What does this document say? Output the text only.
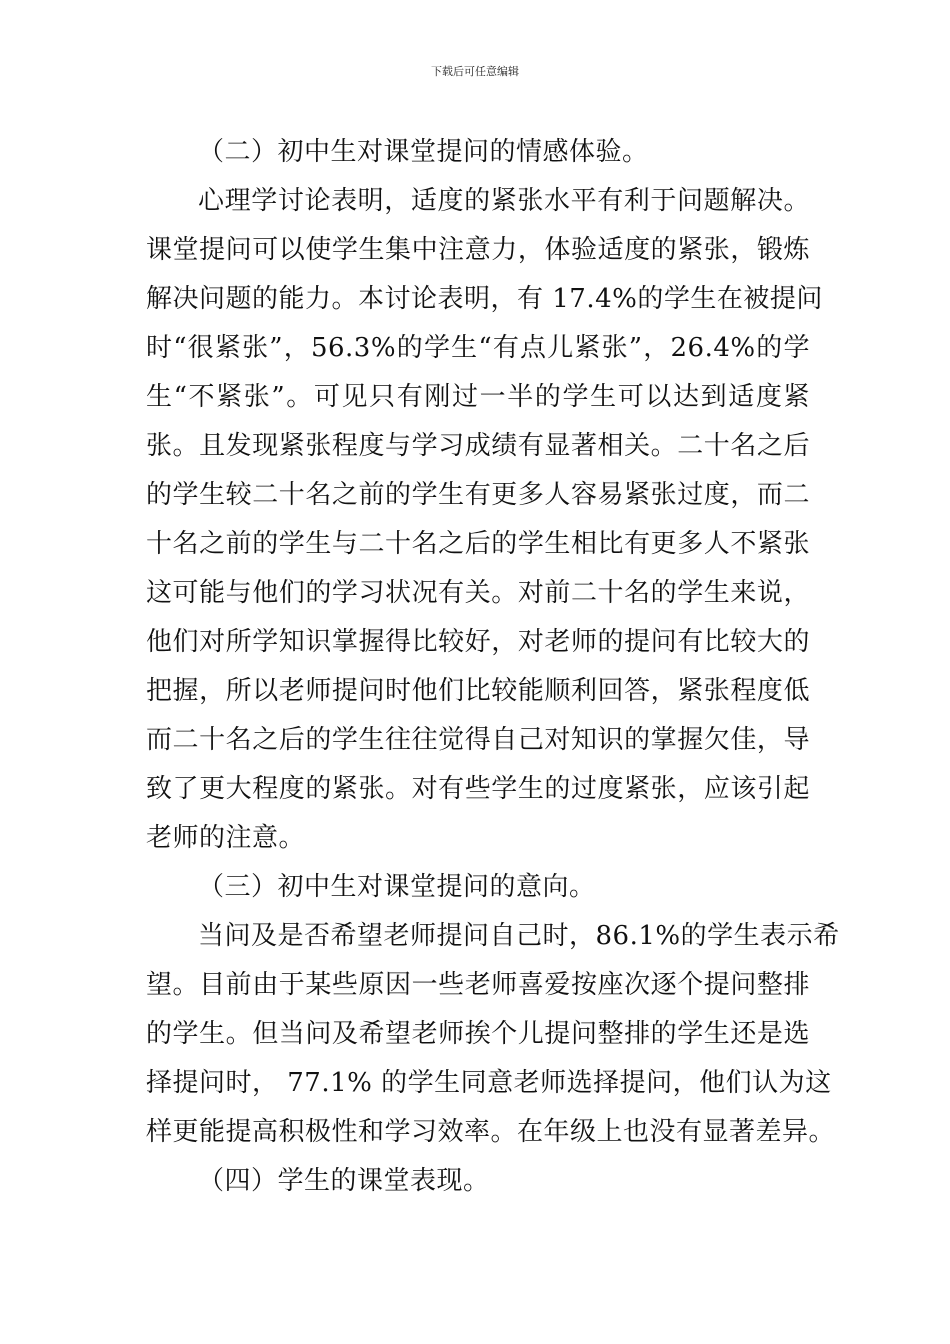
下载后可任意编辑
（二）初中生对课堂提问的情感体验。
心理学讨论表明，适度的紧张水平有利于问题解决。
课堂提问可以使学生集中注意力，体验适度的紧张，锻炼
解决问题的能力。本讨论表明，有 17.4%的学生在被提问
时“很紧张”，56.3%的学生“有点儿紧张”，26.4%的学
生“不紧张”。可见只有刚过一半的学生可以达到适度紧
张。且发现紧张程度与学习成绩有显著相关。二十名之后
的学生较二十名之前的学生有更多人容易紧张过度，而二
十名之前的学生与二十名之后的学生相比有更多人不紧张
这可能与他们的学习状况有关。对前二十名的学生来说，
他们对所学知识掌握得比较好，对老师的提问有比较大的
把握，所以老师提问时他们比较能顺利回答，紧张程度低
而二十名之后的学生往往觉得自己对知识的掌握欠佳，导
致了更大程度的紧张。对有些学生的过度紧张，应该引起
老师的注意。
（三）初中生对课堂提问的意向。
当问及是否希望老师提问自己时，86.1%的学生表示希
望。目前由于某些原因一些老师喜爱按座次逐个提问整排
的学生。但当问及希望老师挨个儿提问整排的学生还是选
择提问时， 77.1% 的学生同意老师选择提问，他们认为这
样更能提高积极性和学习效率。在年级上也没有显著差异。
（四）学生的课堂表现。
